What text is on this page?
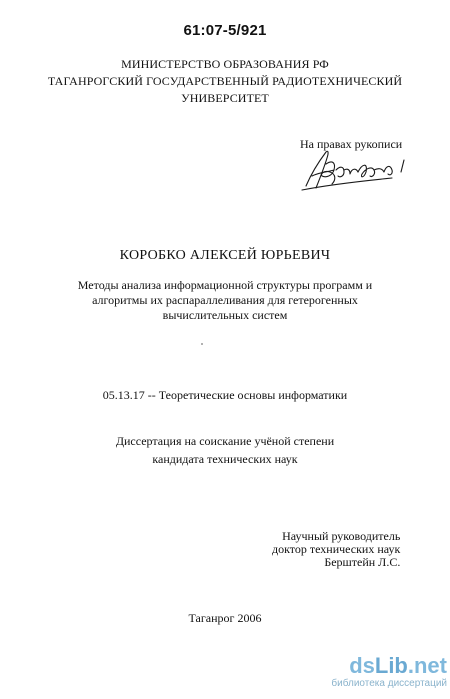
61:07-5/921
МИНИСТЕРСТВО ОБРАЗОВАНИЯ РФ
ТАГАНРОГСКИЙ ГОСУДАРСТВЕННЫЙ РАДИОТЕХНИЧЕСКИЙ
УНИВЕРСИТЕТ
На правах рукописи
КОРОБКО АЛЕКСЕЙ ЮРЬЕВИЧ
Методы анализа информационной структуры программ и
алгоритмы их распараллеливания для гетерогенных
вычислительных систем
05.13.17 -- Теоретические основы информатики
Диссертация на соискание учёной степени
кандидата технических наук
Научный руководитель
доктор технических наук
Берштейн Л.С.
Таганрог 2006
dsLib.net
библиотека диссертаций
